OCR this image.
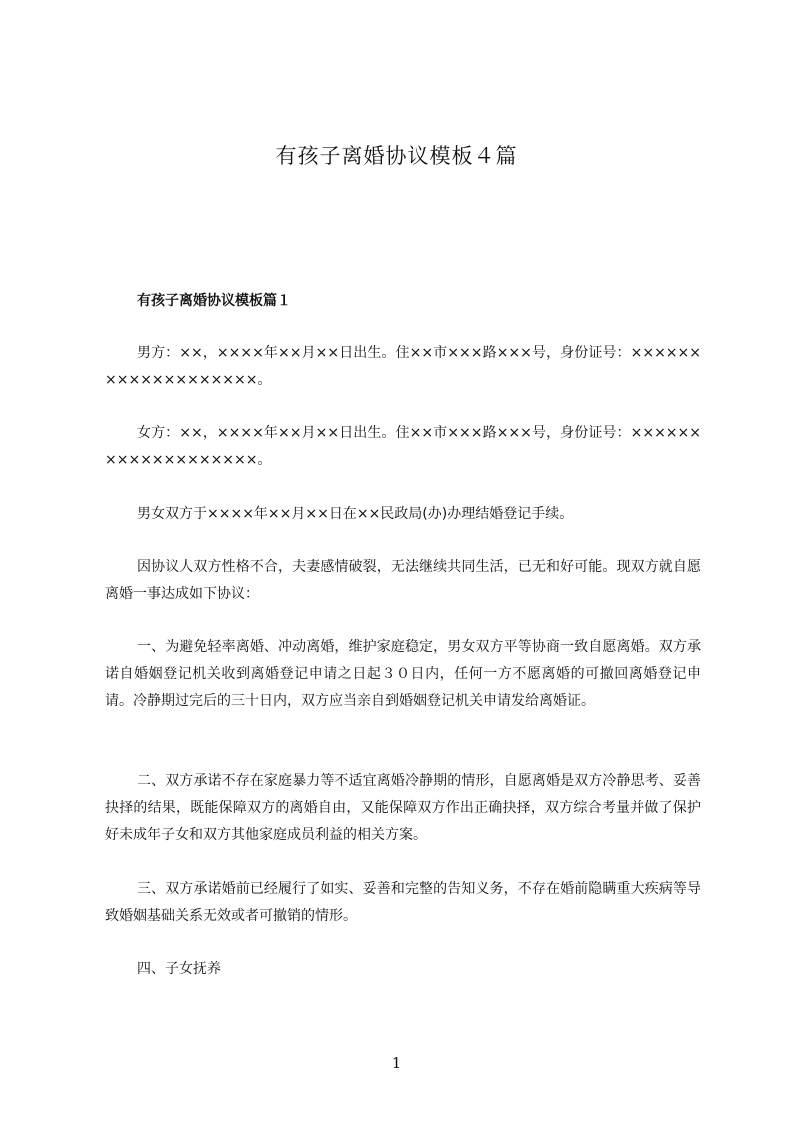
有孩子离婚协议模板４篇
有孩子离婚协议模板篇１
男方：××，××××年××月××日出生。住××市×××路×××号，身份证号：×××××××××××××××××××。
女方：××，××××年××月××日出生。住××市×××路×××号，身份证号：×××××××××××××××××××。
男女双方于××××年××月××日在××民政局(办)办理结婚登记手续。
因协议人双方性格不合，夫妻感情破裂，无法继续共同生活，已无和好可能。现双方就自愿离婚一事达成如下协议：
一、为避免轻率离婚、冲动离婚，维护家庭稳定，男女双方平等协商一致自愿离婚。双方承诺自婚姻登记机关收到离婚登记申请之日起３０日内，任何一方不愿离婚的可撤回离婚登记申请。冷静期过完后的三十日内，双方应当亲自到婚姻登记机关申请发给离婚证。
二、双方承诺不存在家庭暴力等不适宜离婚冷静期的情形，自愿离婚是双方冷静思考、妥善抉择的结果，既能保障双方的离婚自由，又能保障双方作出正确抉择，双方综合考量并做了保护好未成年子女和双方其他家庭成员利益的相关方案。
三、双方承诺婚前已经履行了如实、妥善和完整的告知义务，不存在婚前隐瞒重大疾病等导致婚姻基础关系无效或者可撤销的情形。
四、子女抚养
1
